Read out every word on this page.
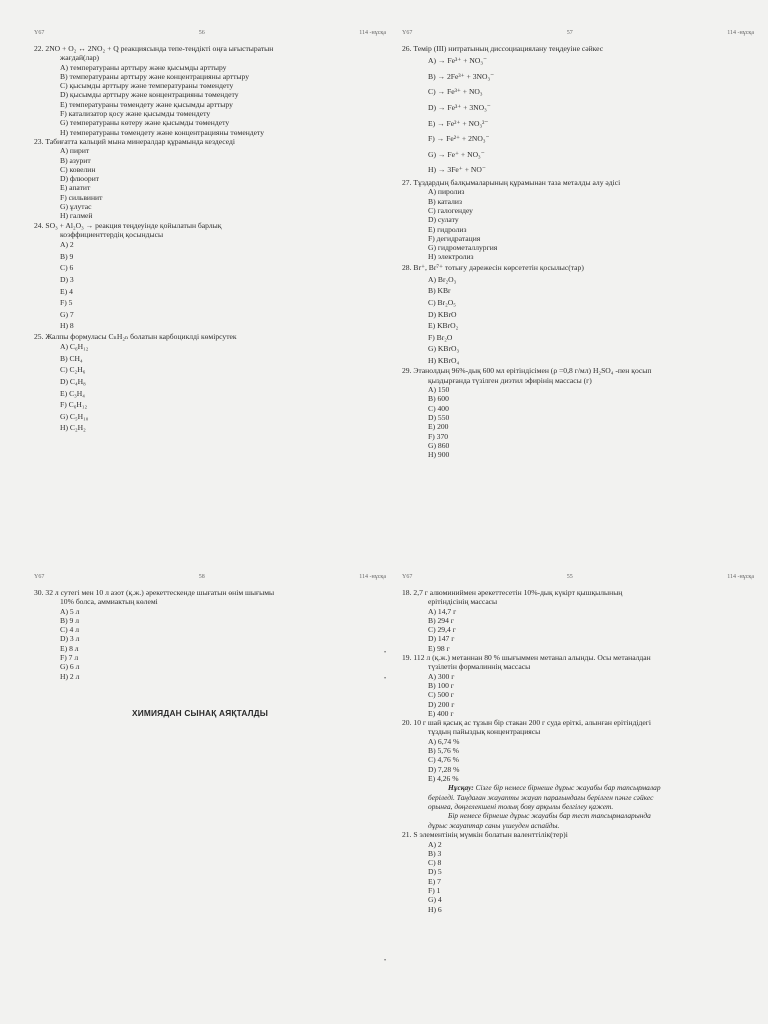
Ү67	56	114 -нұсқа
22. 2NO + O₂ ↔ 2NO₂ + Q реакциясында тепе-теңдікті оңға ығыстыратын
жағдай(лар)
A) температураны арттыру және қысымды арттыру
B) температураны арттыру және концентрацияны арттыру
C) қысымды арттыру және температураны төмендету
D) қысымды арттыру және концентрацияны төмендету
E) температураны төмендету және қысымды арттыру
F) катализатор қосу және қысымды төмендету
G) температураны көтеру және қысымды төмендету
H) температураны төмендету және концентрацияны төмендету
23. Табиғатта кальций мына минералдар құрамында кездеседі
A) пирит
B) азурит
C) ковелин
D) флюорит
E) апатит
F) сильвинит
G) ұлутас
H) галмей
24. SO₃ + Al₂O₃ → реакция теңдеуінде қойылатын барлық
коэффициенттердің қосындысы
A) 2
B) 9
C) 6
D) 3
E) 4
F) 5
G) 7
H) 8
25. Жалпы формуласы CₙH₂ₙ болатын карбоциклді көмірсутек
A) C₆H₁₂
B) CH₄
C) C₂H₆
D) C₄H₈
E) C₃H₄
F) C₆H₁₂
G) C₅H₁₀
H) C₂H₂
Ү67	57	114 -нұсқа
26. Темір (ІІІ) нитратының диссоциациялану теңдеуіне сәйкес
A) → Fe³⁺ + NO₃⁻
B) → 2Fe³⁺ + 3NO₃⁻
C) → Fe³⁺ + NO₃
D) → Fe³⁺ + 3NO₃⁻
E) → Fe²⁺ + NO₃²⁻
F) → Fe²⁺ + 2NO₃⁻
G) → Fe⁺ + NO₃⁻
H) → 3Fe⁺ + NO⁻
27. Тұздардың балқымаларының құрамынан таза металды алу әдісі
A) пиролиз
B) катализ
C) галогендеу
D) сулату
E) гидролиз
F) дегидратация
G) гидрометаллургия
H) электролиз
28. Br⁺, Br⁷⁺ тотығу дәрежесін көрсететін қосылыс(тар)
A) Br₂O₃
B) KBr
C) Br₂O₅
D) KBrO
E) KBrO₂
F) Br₂O
G) KBrO₃
H) KBrO₄
29. Этанолдың 96%-дық 600 мл ерітіндісімен (ρ =0,8 г/мл) H₂SO₄ -пен қосып
қыздырғанда түзілген диэтил эфирінің массасы (г)
A) 150
B) 600
C) 400
D) 550
E) 200
F) 370
G) 860
H) 900
Ү67	58	114 -нұсқа
30. 32 л сутегі мен 10 л азот (қ.ж.) әрекеттескенде шығатын өнім шығымы
10% болса, аммиактың көлемі
A) 5 л
B) 9 л
C) 4 л
D) 3 л
E) 8 л
F) 7 л
G) 6 л
H) 2 л
ХИМИЯДАН СЫНАҚ АЯҚТАЛДЫ
Ү67	55	114 -нұсқа
18. 2,7 г алюминиймен әрекеттесетін 10%-дық күкірт қышқылының
ерітіндісінің массасы
A) 14,7 г
B) 294 г
C) 29,4 г
D) 147 г
E) 98 г
19. 112 л (қ.ж.) метаннан 80 % шығыммен метанал алынды. Осы метаналдан
түзілетін формалиннің массасы
A) 300 г
B) 100 г
C) 500 г
D) 200 г
E) 400 г
20. 10 г шай қасық ас тұзын бір стакан 200 г суда еріткі, алынған ерітіндідегі
тұздың пайыздық концентрациясы
A) 6,74 %
B) 5,76 %
C) 4,76 %
D) 7,28 %
E) 4,26 %
Нұсқау: Сізге бір немесе бірнеше дұрыс жауабы бар тапсырмалар
беріледі. Таңдаған жауапты жауап парағындағы берілген пәнге сәйкес
орынға, дөңгелекшені толық бояу арқылы белгілеу қажет.
Бір немесе бірнеше дұрыс жауабы бар тест тапсырмаларында
дұрыс жауаптар саны үшеуден аспайды.
21. S элементінің мүмкін болатын валенттілік(тер)і
A) 2
B) 3
C) 8
D) 5
E) 7
F) 1
G) 4
H) 6
•
•
•
